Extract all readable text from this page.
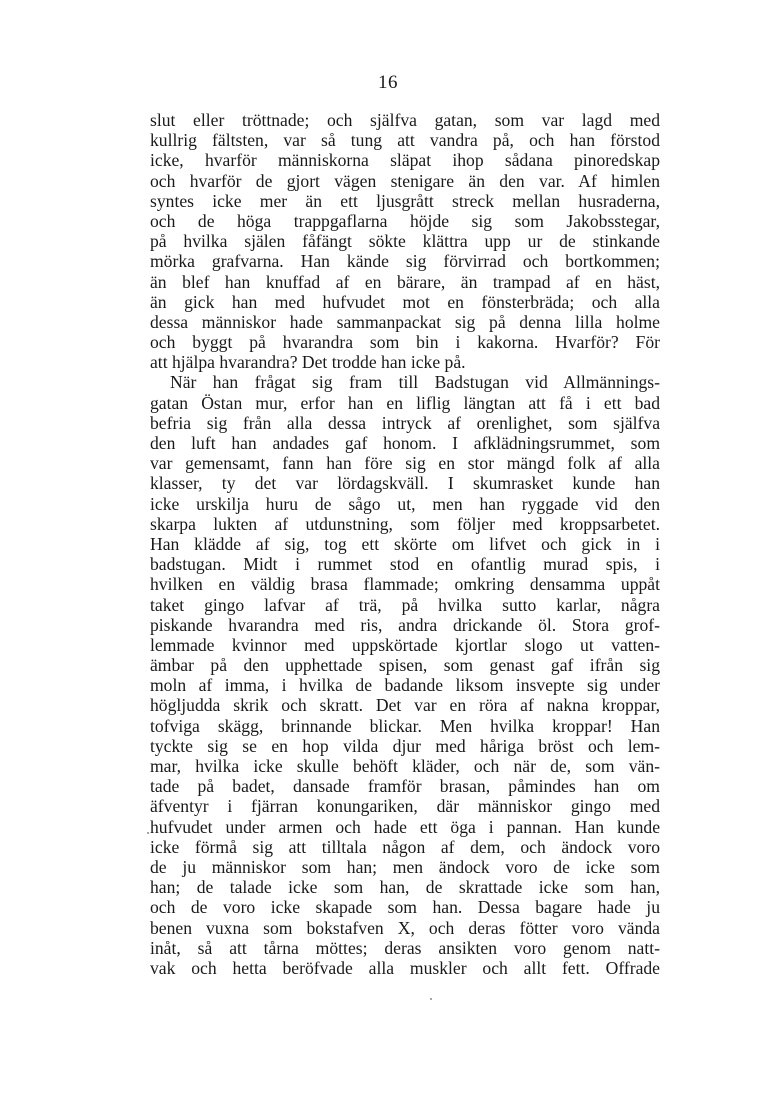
16
slut eller tröttnade; och själfva gatan, som var lagd med
kullrig fältsten, var så tung att vandra på, och han förstod
icke, hvarför människorna släpat ihop sådana pinoredskap
och hvarför de gjort vägen stenigare än den var. Af himlen
syntes icke mer än ett ljusgrått streck mellan husraderna,
och de höga trappgaflarna höjde sig som Jakobsstegar,
på hvilka själen fåfängt sökte klättra upp ur de stinkande
mörka grafvarna. Han kände sig förvirrad och bortkommen;
än blef han knuffad af en bärare, än trampad af en häst,
än gick han med hufvudet mot en fönsterbräda; och alla
dessa människor hade sammanpackat sig på denna lilla holme
och byggt på hvarandra som bin i kakorna. Hvarför? För
att hjälpa hvarandra? Det trodde han icke på.
När han frågat sig fram till Badstugan vid Allmännings-
gatan Östan mur, erfor han en liflig längtan att få i ett bad
befria sig från alla dessa intryck af orenlighet, som själfva
den luft han andades gaf honom. I afklädningsrummet, som
var gemensamt, fann han före sig en stor mängd folk af alla
klasser, ty det var lördagskväll. I skumrasket kunde han
icke urskilja huru de sågo ut, men han ryggade vid den
skarpa lukten af utdunstning, som följer med kroppsarbetet.
Han klädde af sig, tog ett skörte om lifvet och gick in i
badstugan. Midt i rummet stod en ofantlig murad spis, i
hvilken en väldig brasa flammade; omkring densamma uppåt
taket gingo lafvar af trä, på hvilka sutto karlar, några
piskande hvarandra med ris, andra drickande öl. Stora grof-
lemmade kvinnor med uppskörtade kjortlar slogo ut vatten-
ämbar på den upphettade spisen, som genast gaf ifrån sig
moln af imma, i hvilka de badande liksom insvepte sig under
högljudda skrik och skratt. Det var en röra af nakna kroppar,
tofviga skägg, brinnande blickar. Men hvilka kroppar! Han
tyckte sig se en hop vilda djur med håriga bröst och lem-
mar, hvilka icke skulle behöft kläder, och när de, som vän-
tade på badet, dansade framför brasan, påmindes han om
äfventyr i fjärran konungariken, där människor gingo med
hufvudet under armen och hade ett öga i pannan. Han kunde
icke förmå sig att tilltala någon af dem, och ändock voro
de ju människor som han; men ändock voro de icke som
han; de talade icke som han, de skrattade icke som han,
och de voro icke skapade som han. Dessa bagare hade ju
benen vuxna som bokstafven X, och deras fötter voro vända
inåt, så att tårna möttes; deras ansikten voro genom natt-
vak och hetta beröfvade alla muskler och allt fett. Offrade
